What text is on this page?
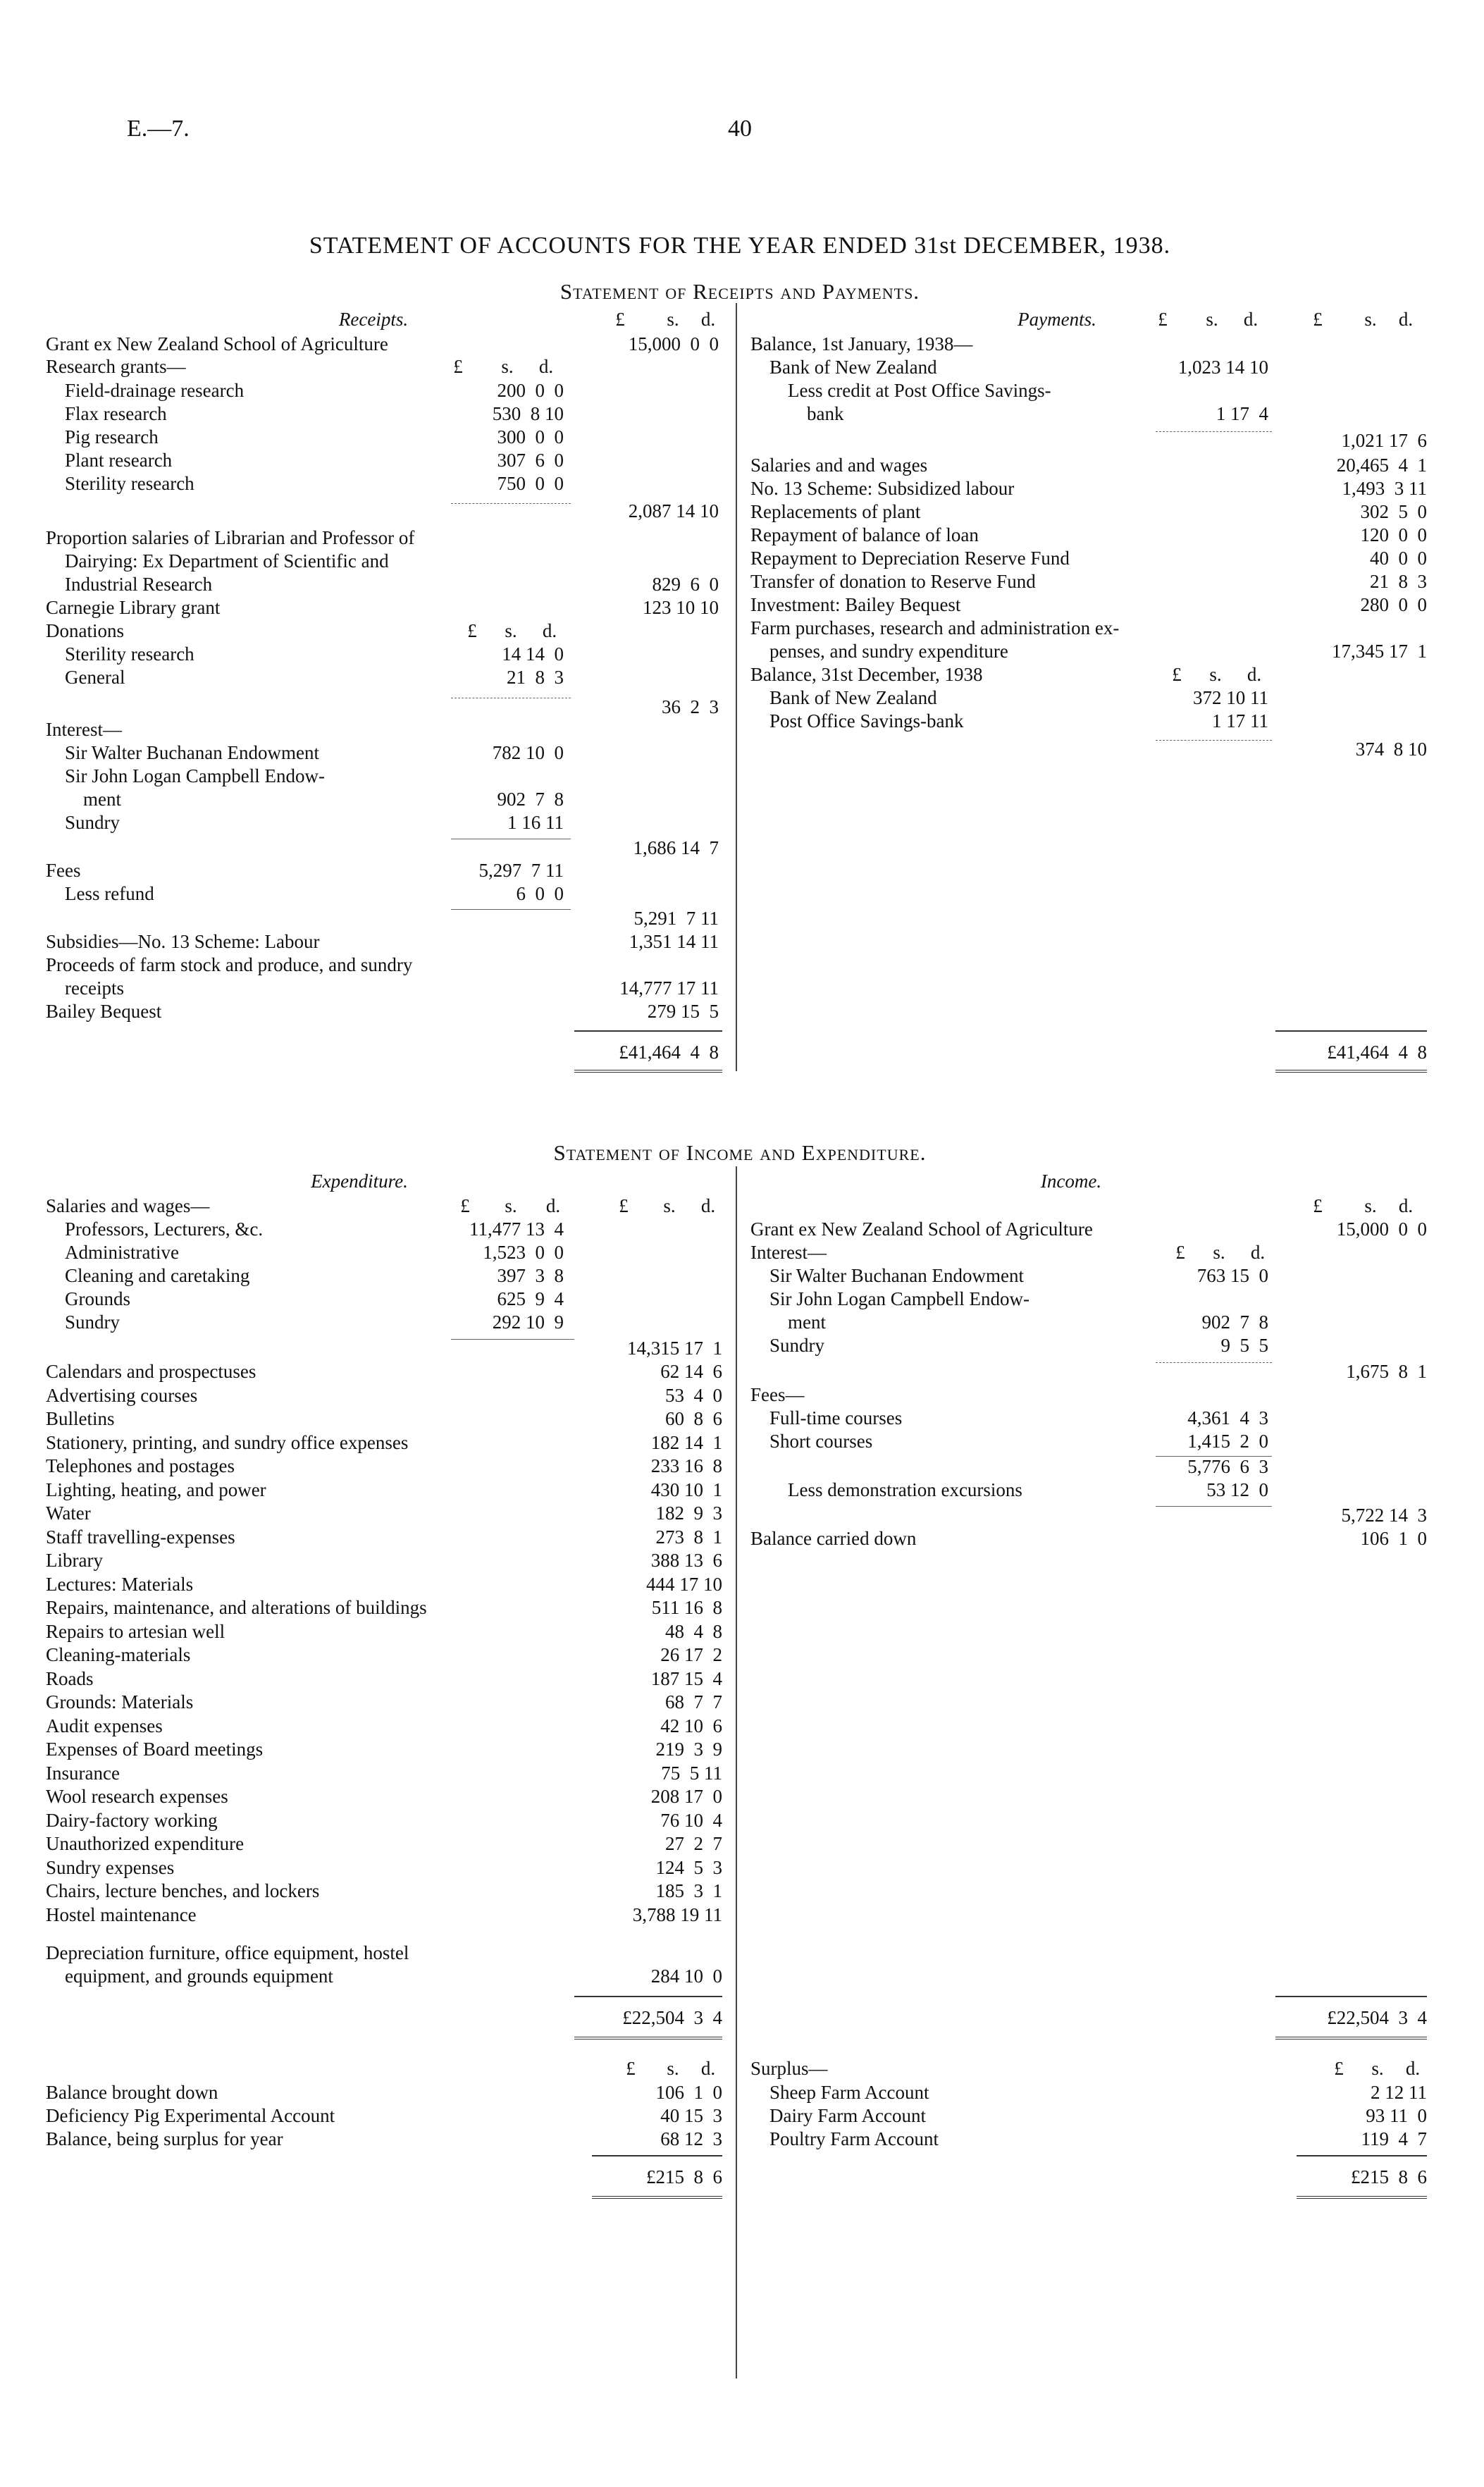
E.—7.	40
STATEMENT OF ACCOUNTS FOR THE YEAR ENDED 31st DECEMBER, 1938.
Statement of Receipts and Payments.
Receipts.	£	s.	d.
Grant ex New Zealand School of Agriculture	15,000  0  0
Research grants—	£	s.	d.
Field-drainage research	200  0  0
Flax research	530  8 10
Pig research	300  0  0
Plant research	307  6  0
Sterility research	750  0  0
2,087 14 10
Proportion salaries of Librarian and Professor of
Dairying: Ex Department of Scientific and
Industrial Research	829  6  0
Carnegie Library grant	123 10 10
Donations	£	s.	d.
Sterility research	14 14  0
General	21  8  3
36  2  3
Interest—
Sir Walter Buchanan Endowment	782 10  0
Sir John Logan Campbell Endow-
ment	902  7  8
Sundry	1 16 11
1,686 14  7
Fees	5,297  7 11
Less refund	6  0  0
5,291  7 11
Subsidies—No. 13 Scheme: Labour	1,351 14 11
Proceeds of farm stock and produce, and sundry
receipts	14,777 17 11
Bailey Bequest	279 15  5
£41,464  4  8
Payments.	£	s.	d.	£	s.	d.
Balance, 1st January, 1938—
Bank of New Zealand	1,023 14 10
Less credit at Post Office Savings-
bank	1 17  4
1,021 17  6
Salaries and and wages	20,465  4  1
No. 13 Scheme: Subsidized labour	1,493  3 11
Replacements of plant	302  5  0
Repayment of balance of loan	120  0  0
Repayment to Depreciation Reserve Fund	40  0  0
Transfer of donation to Reserve Fund	21  8  3
Investment: Bailey Bequest	280  0  0
Farm purchases, research and administration ex-
penses, and sundry expenditure	17,345 17  1
Balance, 31st December, 1938	£	s.	d.
Bank of New Zealand	372 10 11
Post Office Savings-bank	1 17 11
374  8 10
£41,464  4  8
Statement of Income and Expenditure.
Expenditure.
Salaries and wages—	£	s.	d.	£	s.	d.
Professors, Lecturers, &c.	11,477 13  4
Administrative	1,523  0  0
Cleaning and caretaking	397  3  8
Grounds	625  9  4
Sundry	292 10  9
14,315 17  1
Calendars and prospectuses	62 14  6
Advertising courses	53  4  0
Bulletins	60  8  6
Stationery, printing, and sundry office expenses	182 14  1
Telephones and postages	233 16  8
Lighting, heating, and power	430 10  1
Water	182  9  3
Staff travelling-expenses	273  8  1
Library	388 13  6
Lectures: Materials	444 17 10
Repairs, maintenance, and alterations of buildings	511 16  8
Repairs to artesian well	48  4  8
Cleaning-materials	26 17  2
Roads	187 15  4
Grounds: Materials	68  7  7
Audit expenses	42 10  6
Expenses of Board meetings	219  3  9
Insurance	75  5 11
Wool research expenses	208 17  0
Dairy-factory working	76 10  4
Unauthorized expenditure	27  2  7
Sundry expenses	124  5  3
Chairs, lecture benches, and lockers	185  3  1
Hostel maintenance	3,788 19 11
Depreciation furniture, office equipment, hostel
equipment, and grounds equipment	284 10  0
£22,504  3  4
£	s.	d.
Balance brought down	106  1  0
Deficiency Pig Experimental Account	40 15  3
Balance, being surplus for year	68 12  3
£215  8  6
Income.
£	s.	d.
Grant ex New Zealand School of Agriculture	15,000  0  0
Interest—	£	s.	d.
Sir Walter Buchanan Endowment	763 15  0
Sir John Logan Campbell Endow-
ment	902  7  8
Sundry	9  5  5
1,675  8  1
Fees—
Full-time courses	4,361  4  3
Short courses	1,415  2  0
5,776  6  3
Less demonstration excursions	53 12  0
5,722 14  3
Balance carried down	106  1  0
£22,504  3  4
Surplus—	£	s.	d.
Sheep Farm Account	2 12 11
Dairy Farm Account	93 11  0
Poultry Farm Account	119  4  7
£215  8  6
